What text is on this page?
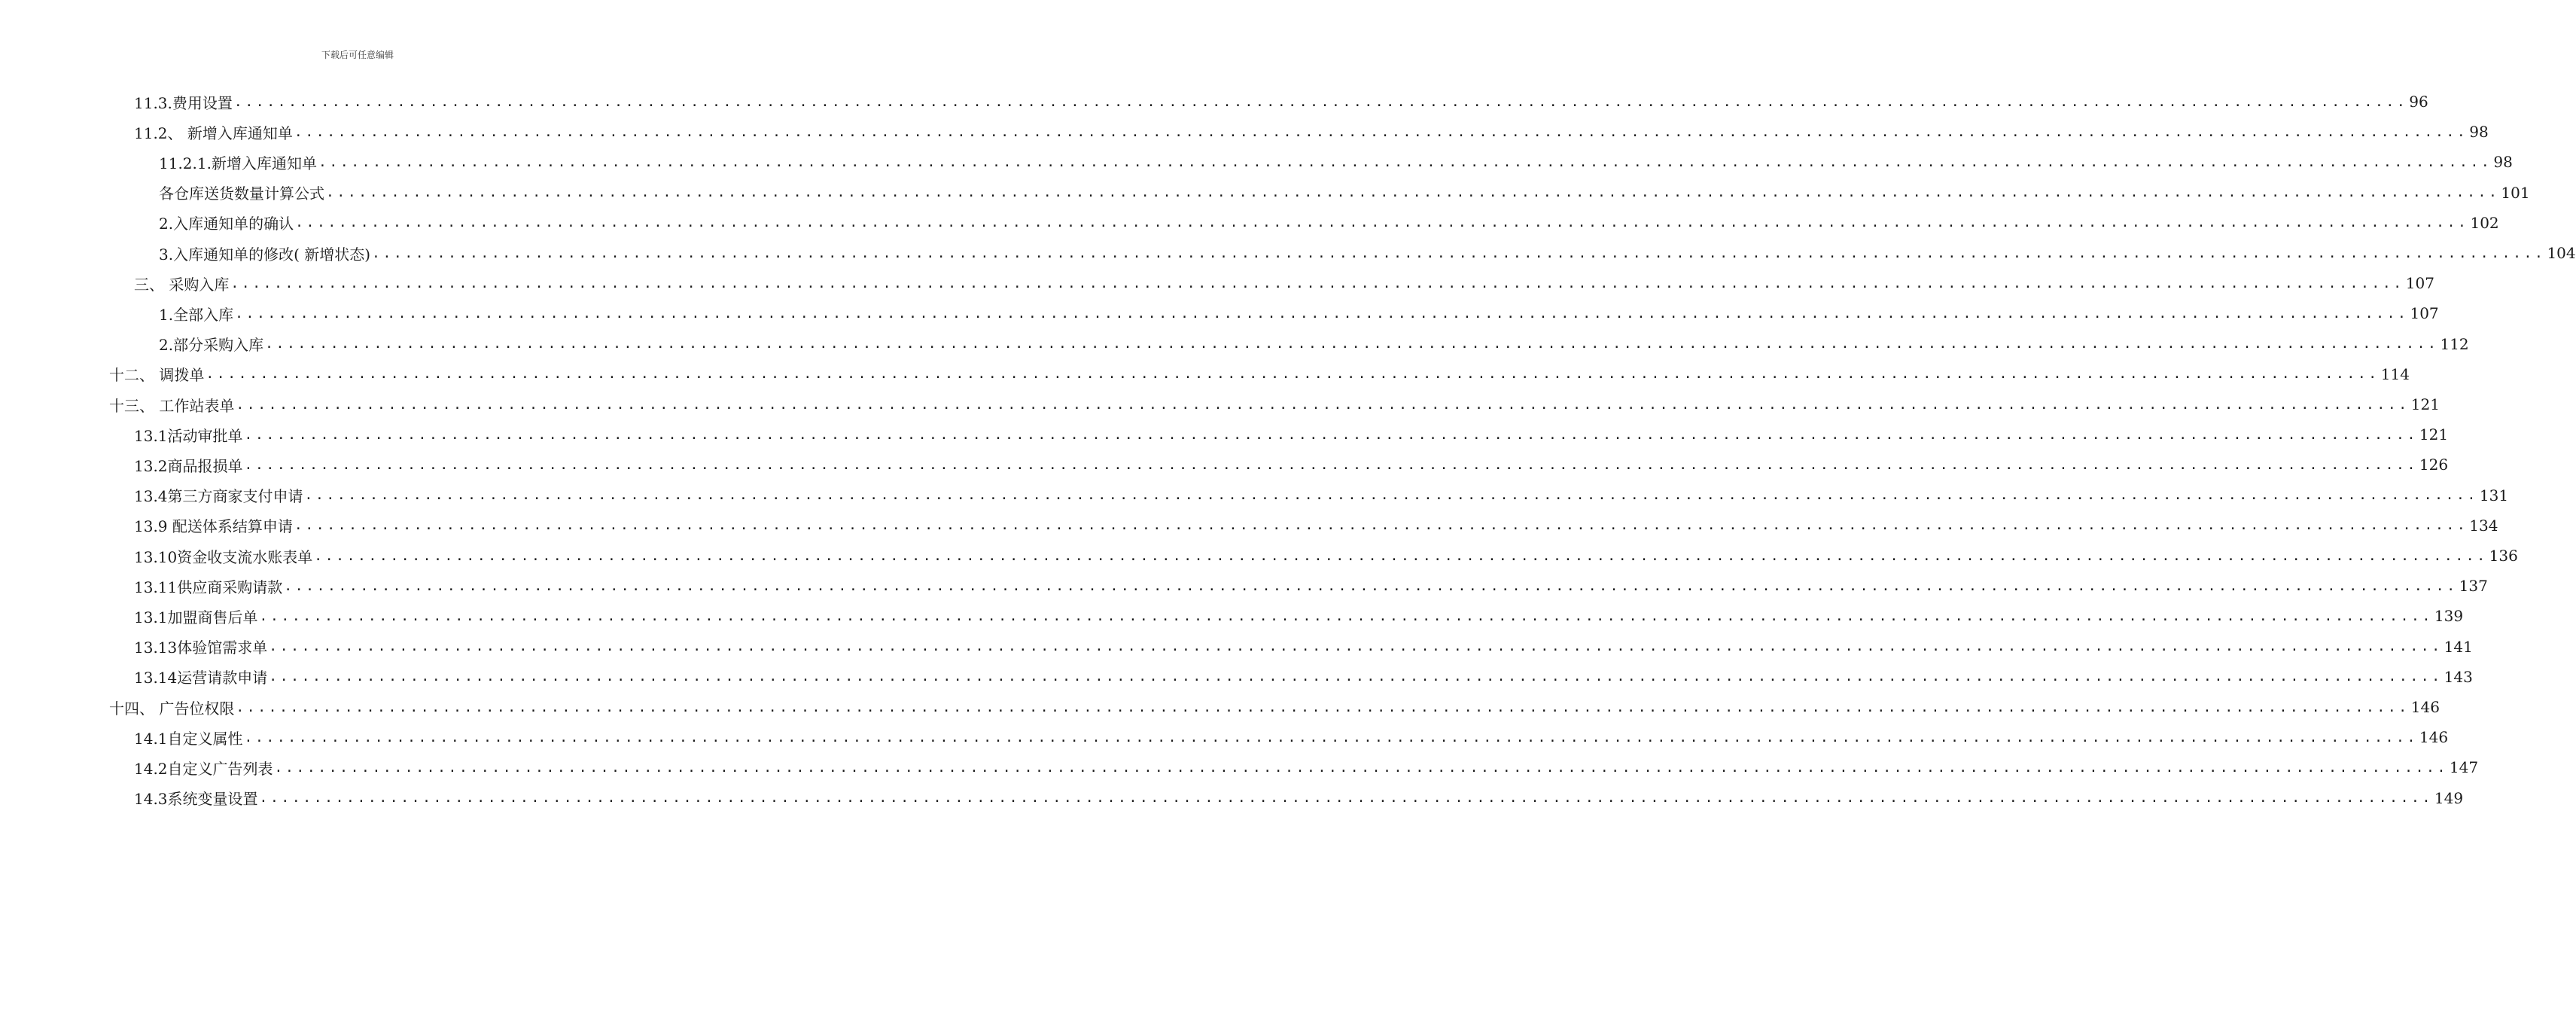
下载后可任意编辑
11.3.费用设置 ........................................................................................................................................................................................................ 96
11.2、 新增入库通知单 ........................................................................................................................................................................................................ 98
11.2.1.新增入库通知单 ........................................................................................................................................................................................................ 98
各仓库送货数量计算公式 ........................................................................................................................................................................................................ 101
2.入库通知单的确认 ........................................................................................................................................................................................................ 102
3.入库通知单的修改( 新增状态) ........................................................................................................................................................................................................ 104
三、 采购入库 ........................................................................................................................................................................................................ 107
1.全部入库 ........................................................................................................................................................................................................ 107
2.部分采购入库 ........................................................................................................................................................................................................ 112
十二、 调拨单 ........................................................................................................................................................................................................ 114
十三、 工作站表单 ........................................................................................................................................................................................................ 121
13.1活动审批单 ........................................................................................................................................................................................................ 121
13.2商品报损单 ........................................................................................................................................................................................................ 126
13.4第三方商家支付申请 ........................................................................................................................................................................................................ 131
13.9 配送体系结算申请 ........................................................................................................................................................................................................ 134
13.10资金收支流水账表单 ........................................................................................................................................................................................................ 136
13.11供应商采购请款 ........................................................................................................................................................................................................ 137
13.1加盟商售后单 ........................................................................................................................................................................................................ 139
13.13体验馆需求单 ........................................................................................................................................................................................................ 141
13.14运营请款申请 ........................................................................................................................................................................................................ 143
十四、 广告位权限 ........................................................................................................................................................................................................ 146
14.1自定义属性 ........................................................................................................................................................................................................ 146
14.2自定义广告列表 ........................................................................................................................................................................................................ 147
14.3系统变量设置 ........................................................................................................................................................................................................ 149
